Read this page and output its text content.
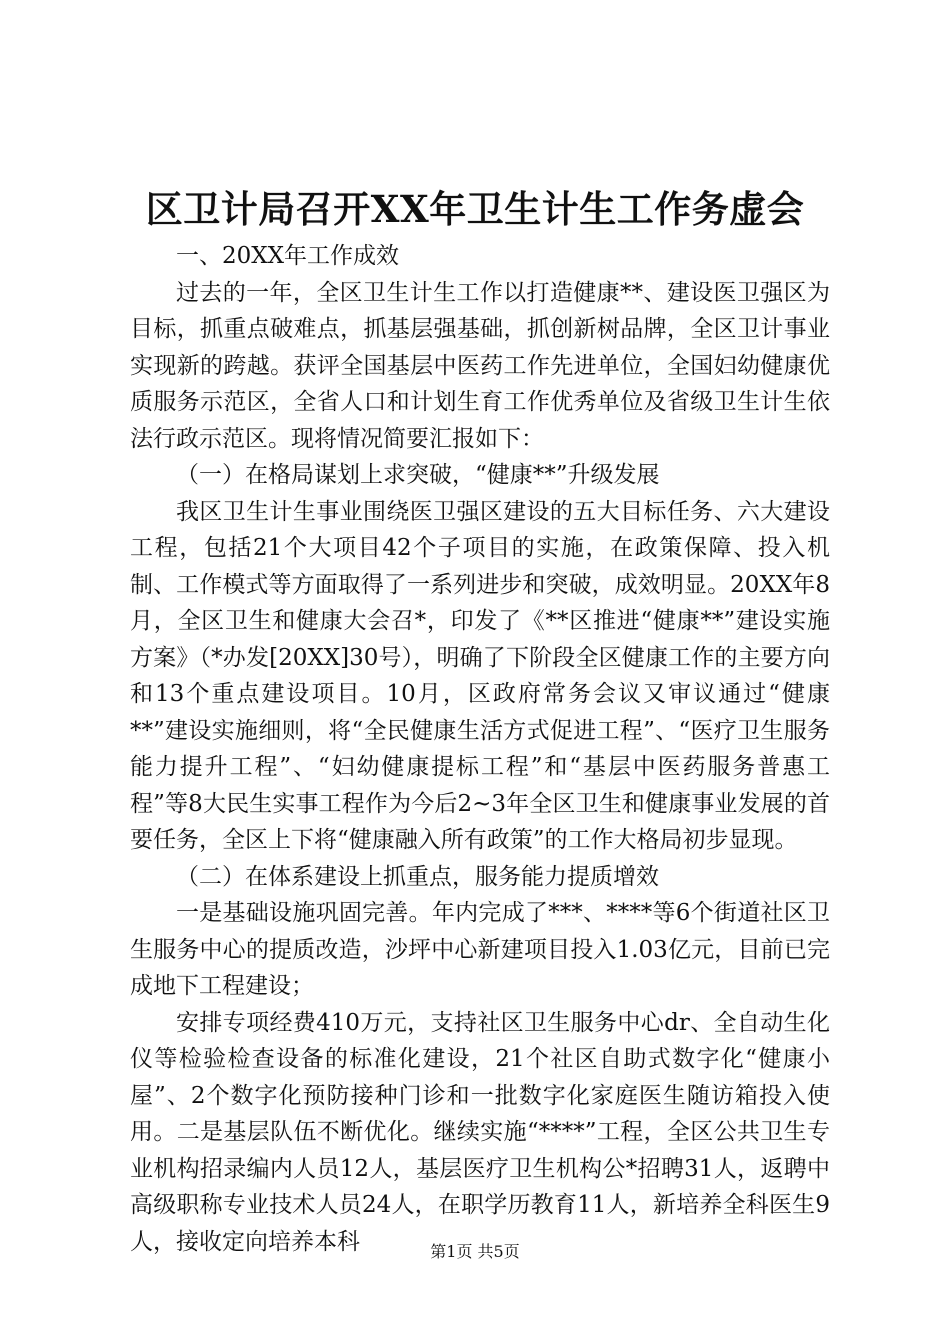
区卫计局召开XX年卫生计生工作务虚会

一、20XX年工作成效

过去的一年，全区卫生计生工作以打造健康**、建设医卫强区为目标，抓重点破难点，抓基层强基础，抓创新树品牌，全区卫计事业实现新的跨越。获评全国基层中医药工作先进单位，全国妇幼健康优质服务示范区，全省人口和计划生育工作优秀单位及省级卫生计生依法行政示范区。现将情况简要汇报如下：

（一）在格局谋划上求突破，“健康**”升级发展

我区卫生计生事业围绕医卫强区建设的五大目标任务、六大建设工程，包括21个大项目42个子项目的实施，在政策保障、投入机制、工作模式等方面取得了一系列进步和突破，成效明显。20XX年8月，全区卫生和健康大会召*，印发了《**区推进“健康**”建设实施方案》（*办发[20XX]30号），明确了下阶段全区健康工作的主要方向和13个重点建设项目。10月，区政府常务会议又审议通过“健康**”建设实施细则，将“全民健康生活方式促进工程”、“医疗卫生服务能力提升工程”、“妇幼健康提标工程”和“基层中医药服务普惠工程”等8大民生实事工程作为今后2~3年全区卫生和健康事业发展的首要任务，全区上下将“健康融入所有政策”的工作大格局初步显现。

（二）在体系建设上抓重点，服务能力提质增效

一是基础设施巩固完善。年内完成了***、****等6个街道社区卫生服务中心的提质改造，沙坪中心新建项目投入1.03亿元，目前已完成地下工程建设；

安排专项经费410万元，支持社区卫生服务中心dr、全自动生化仪等检验检查设备的标准化建设，21个社区自助式数字化“健康小屋”、2个数字化预防接种门诊和一批数字化家庭医生随访箱投入使用。二是基层队伍不断优化。继续实施“****”工程，全区公共卫生专业机构招录编内人员12人，基层医疗卫生机构公*招聘31人，返聘中高级职称专业技术人员24人，在职学历教育11人，新培养全科医生9人，接收定向培养本科	第1页 共5页
